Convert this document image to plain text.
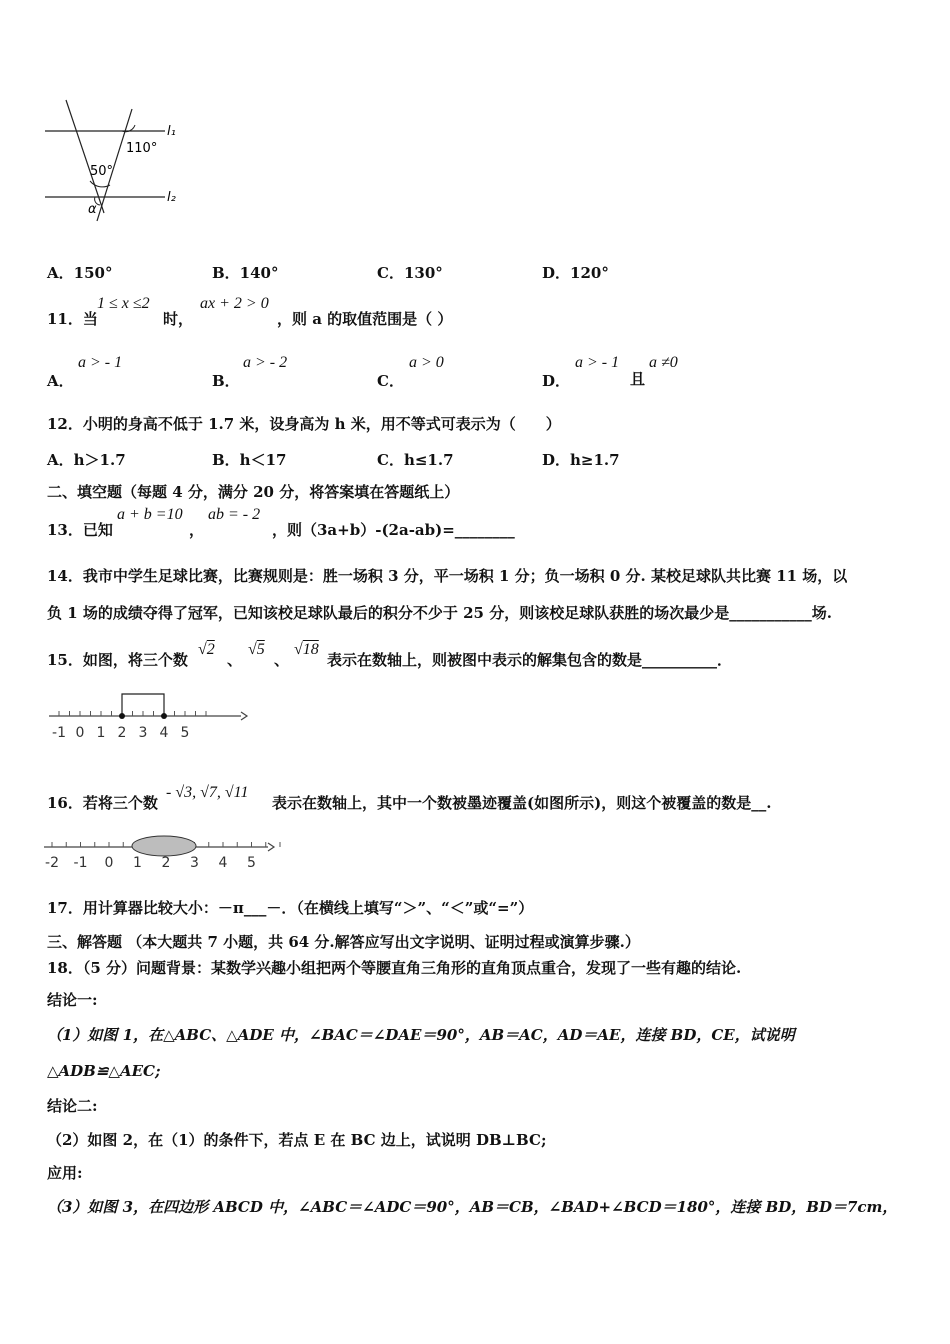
110°
50°
α
l₁
l₂
A．150°	B．140°	C．130°	D．120°
11．当
1 ≤ x ≤2
时，
ax + 2 > 0
，则 a 的取值范围是（ ）
A．
a > - 1
B．
a > - 2
C．
a > 0
D．
a > - 1
且
a ≠0
12．小明的身高不低于 1.7 米，设身高为 h 米，用不等式可表示为（　　）
A．h＞1.7	B．h＜17	C．h≤1.7	D．h≥1.7
二、填空题（每题 4 分，满分 20 分，将答案填在答题纸上）
13．已知
a + b =10
，
ab = - 2
，则（3a+b）-(2a-ab)=________
14．我市中学生足球比赛，比赛规则是：胜一场积 3 分，平一场积 1 分；负一场积 0 分. 某校足球队共比赛 11 场，以
负 1 场的成绩夺得了冠军，已知该校足球队最后的积分不少于 25 分，则该校足球队获胜的场次最少是___________场.
15．如图，将三个数
√2
、
√5
、
√18
表示在数轴上，则被图中表示的解集包含的数是__________．
-1 0 1 2 3 4 5
16．若将三个数
- √3, √7, √11
表示在数轴上，其中一个数被墨迹覆盖(如图所示)，则这个被覆盖的数是__.
-2 -1 0 1 2 3 4 5
17．用计算器比较大小：－π___－．（在横线上填写“＞”、“＜”或“=”）
三、解答题 （本大题共 7 小题，共 64 分.解答应写出文字说明、证明过程或演算步骤.）
18．（5 分）问题背景：某数学兴趣小组把两个等腰直角三角形的直角顶点重合，发现了一些有趣的结论.
结论一:
（1）如图 1，在△ABC、△ADE 中，∠BAC＝∠DAE＝90°，AB＝AC，AD＝AE，连接 BD，CE，试说明
△ADB≌△AEC;
结论二:
（2）如图 2，在（1）的条件下，若点 E 在 BC 边上，试说明 DB⊥BC;
应用:
（3）如图 3，在四边形 ABCD 中，∠ABC＝∠ADC＝90°，AB＝CB，∠BAD+∠BCD＝180°，连接 BD，BD＝7cm，
